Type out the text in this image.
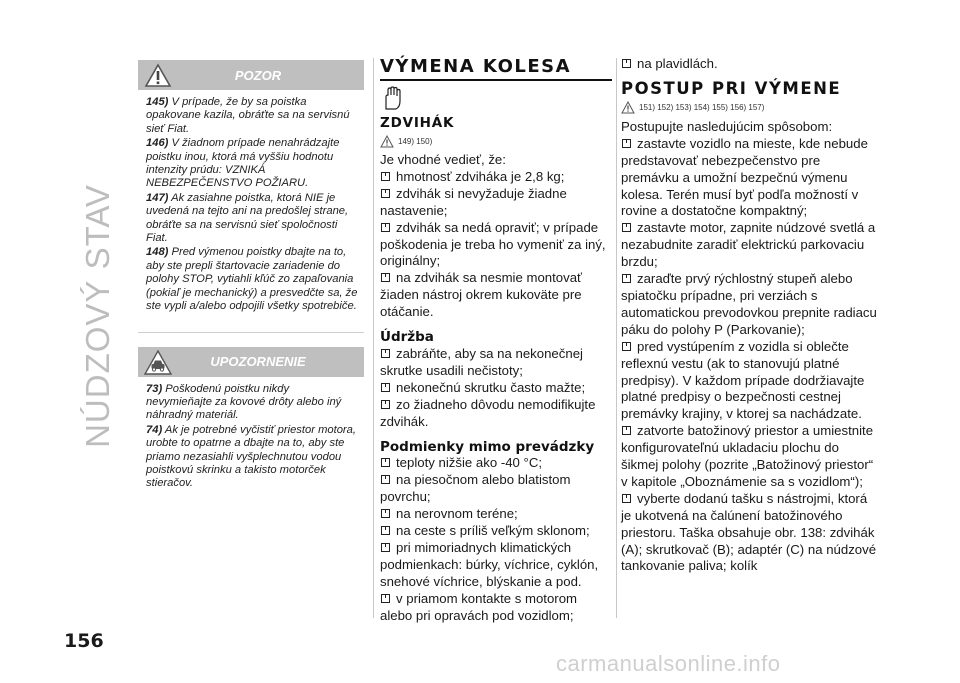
NÚDZOVÝ STAV
POZOR

145) V prípade, že by sa poistka opakovane kazila, obráťte sa na servisnú sieť Fiat.

146) V žiadnom prípade nenahrádzajte poistku inou, ktorá má vyššiu hodnotu intenzity prúdu: VZNIKÁ NEBEZPEČENSTVO POŽIARU.

147) Ak zasiahne poistka, ktorá NIE je uvedená na tejto ani na predošlej strane, obráťte sa na servisnú sieť spoločnosti Fiat.

148) Pred výmenou poistky dbajte na to, aby ste prepli štartovacie zariadenie do polohy STOP, vytiahli kľúč zo zapaľovania (pokiaľ je mechanický) a presvedčte sa, že ste vypli a/alebo odpojili všetky spotrebiče.

UPOZORNENIE

73) Poškodenú poistku nikdy nevymieňajte za kovové drôty alebo iný náhradný materiál.

74) Ak je potrebné vyčistiť priestor motora, urobte to opatrne a dbajte na to, aby ste priamo nezasiahli vyšplechnutou vodou poistkovú skrinku a takisto motorček stieračov.

VÝMENA KOLESA
ZDVIHÁK
149) 150)
Je vhodné vedieť, že:
hmotnosť zdviháka je 2,8 kg;
zdvihák si nevyžaduje žiadne nastavenie;
zdvihák sa nedá opraviť; v prípade poškodenia je treba ho vymeniť za iný, originálny;
na zdvihák sa nesmie montovať žiaden nástroj okrem kukoväte pre otáčanie.
Údržba
zabráňte, aby sa na nekonečnej skrutke usadili nečistoty;
nekonečnú skrutku často mažte;
zo žiadneho dôvodu nemodifikujte zdvihák.
Podmienky mimo prevádzky
teploty nižšie ako -40 °C;
na piesočnom alebo blatistom povrchu;
na nerovnom teréne;
na ceste s príliš veľkým sklonom;
pri mimoriadnych klimatických podmienkach: búrky, víchrice, cyklón, snehové víchrice, blýskanie a pod.
v priamom kontakte s motorom alebo pri opravách pod vozidlom;
na plavidlách.
POSTUP PRI VÝMENE
151) 152) 153) 154) 155) 156) 157)
Postupujte nasledujúcim spôsobom:
zastavte vozidlo na mieste, kde nebude predstavovať nebezpečenstvo pre premávku a umožní bezpečnú výmenu kolesa. Terén musí byť podľa možností v rovine a dostatočne kompaktný;
zastavte motor, zapnite núdzové svetlá a nezabudnite zaradiť elektrickú parkovaciu brzdu;
zaraďte prvý rýchlostný stupeň alebo spiatočku prípadne, pri verziách s automatickou prevodovkou prepnite radiacu páku do polohy P (Parkovanie);
pred vystúpením z vozidla si oblečte reflexnú vestu (ak to stanovujú platné predpisy). V každom prípade dodržiavajte platné predpisy o bezpečnosti cestnej premávky krajiny, v ktorej sa nachádzate.
zatvorte batožinový priestor a umiestnite konfigurovateľnú ukladaciu plochu do šikmej polohy (pozrite „Batožinový priestor“ v kapitole „Oboznámenie sa s vozidlom“);
vyberte dodanú tašku s nástrojmi, ktorá je ukotvená na čalúnení batožinového priestoru. Taška obsahuje obr. 138: zdvihák (A); skrutkovač (B); adaptér (C) na núdzové tankovanie paliva; kolík
156
carmanualsonline.info
